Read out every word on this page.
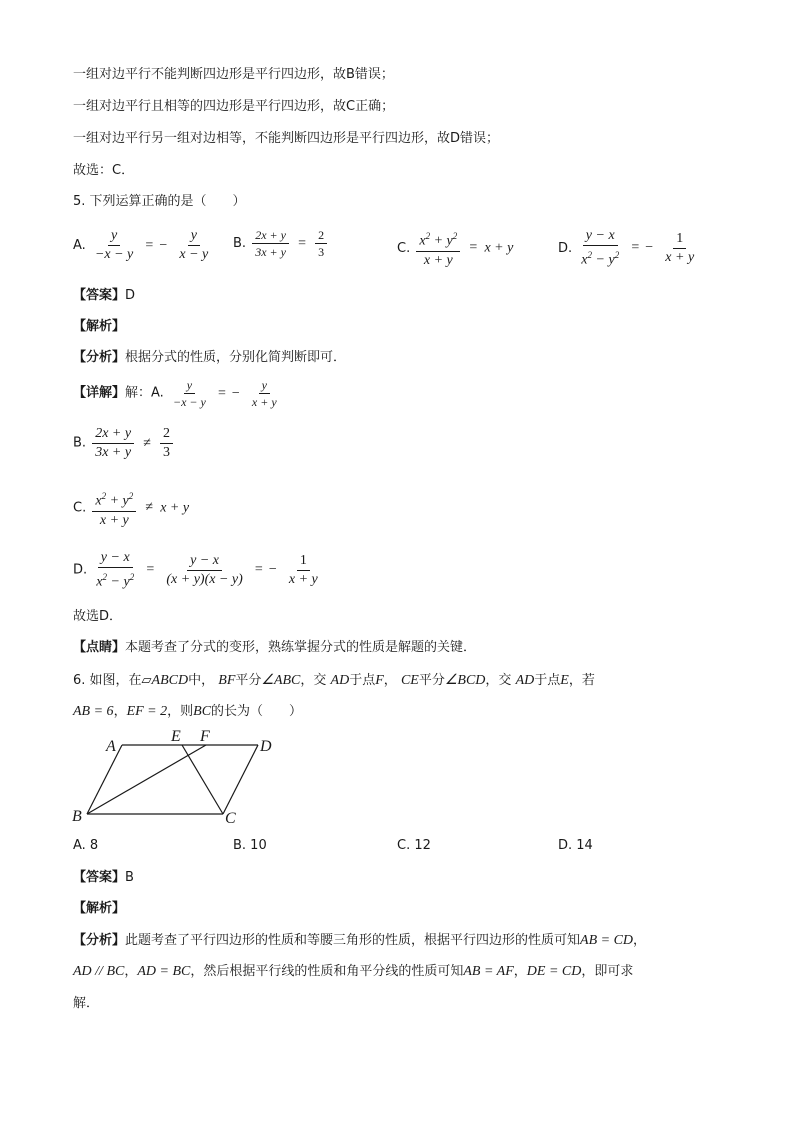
一组对边平行不能判断四边形是平行四边形，故B错误；
一组对边平行且相等的四边形是平行四边形，故C正确；
一组对边平行另一组对边相等，不能判断四边形是平行四边形，故D错误；
故选：C．
5. 下列运算正确的是（　　）
A. $\frac{y}{-x - y}$ = − $\frac{y}{x - y} B$. $\frac{2x + y}{3x + y} = \frac{2}{3}$	C. $\frac{x^2 + y^2}{x + y} = x + y$	D. $\frac{y - x}{x^2 - y^2}$ = − $\frac{1}{x + y}$
【答案】D
【解析】
【分析】根据分式的性质，分别化简判断即可．
【详解】解：A. $\frac{y}{-x - y}$ = − $\frac{y}{x + y}$
B. $\frac{2x + y}{3x + y} \ne \frac{2}{3}$
C. $\frac{x^2 + y^2}{x + y} \ne x + y$
D. $\frac{y - x}{x^2 - y^2} = \frac{y - x}{(x + y)(x - y)}$ = − $\frac{1}{x + y}$
故选D．
【点睛】本题考查了分式的变形，熟练掌握分式的性质是解题的关键．
6. 如图，在▱ABCD中， BF平分∠ABC，交 AD于点F， CE平分∠BCD，交 AD于点E，若
AB = 6，EF = 2，则BC的长为（　　）
A
B	C
D
E F
A. 8	B. 10	C. 12	D. 14
【答案】B
【解析】
【分析】此题考查了平行四边形的性质和等腰三角形的性质，根据平行四边形的性质可知AB = CD，
AD // BC，AD = BC，然后根据平行线的性质和角平分线的性质可知AB = AF，DE = CD，即可求
解．
